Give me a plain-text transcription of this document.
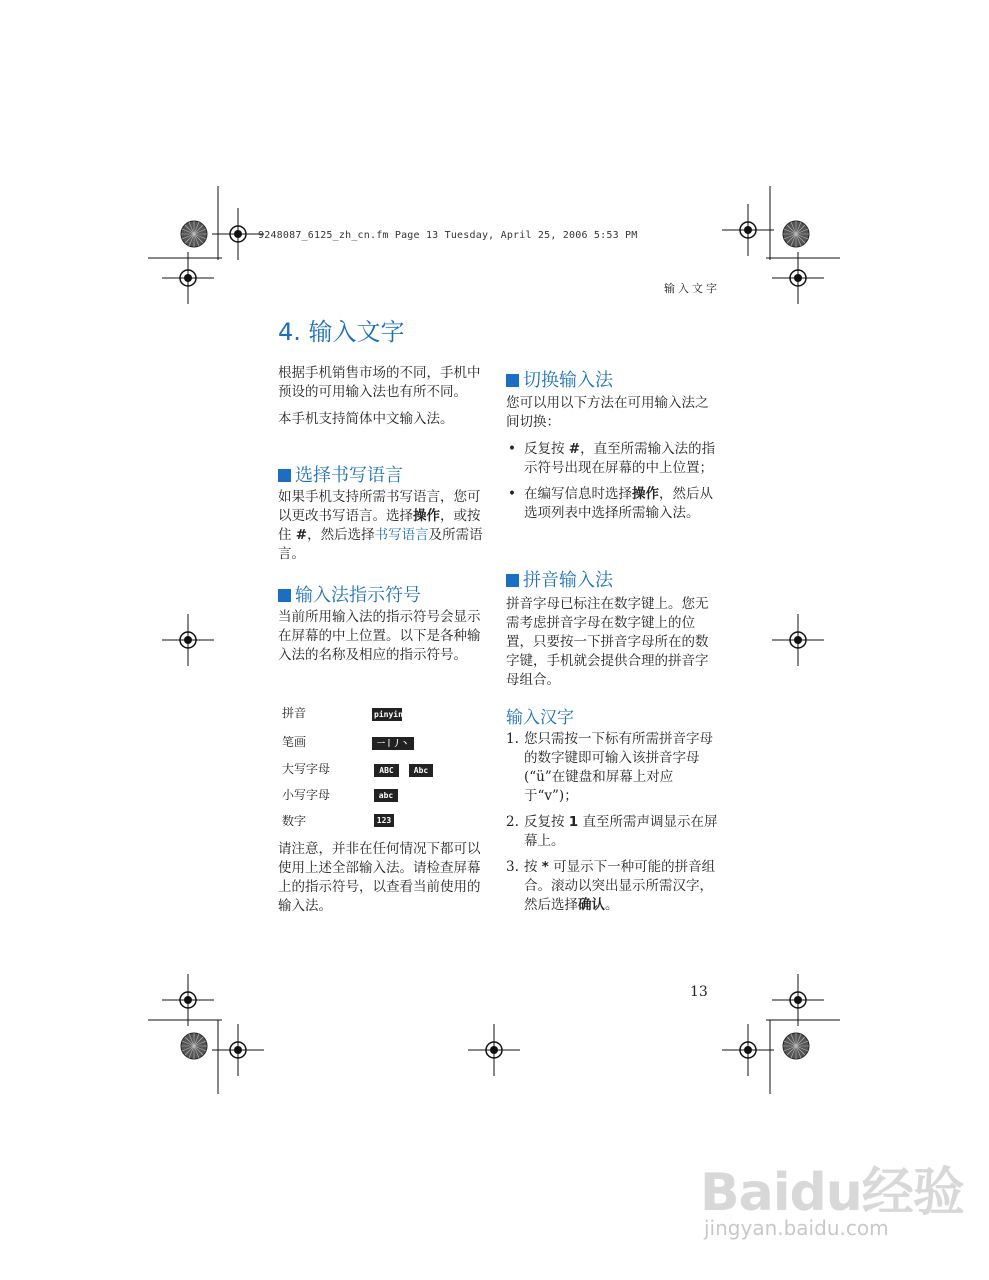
9248087_6125_zh_cn.fm Page 13 Tuesday, April 25, 2006 5:53 PM
输入文字
4. 输入文字

根据手机销售市场的不同，手机中预设的可用输入法也有所不同。

本手机支持简体中文输入法。

选择书写语言

如果手机支持所需书写语言，您可以更改书写语言。选择操作，或按住 #，然后选择书写语言及所需语言。

输入法指示符号

当前所用输入法的指示符号会显示在屏幕的中上位置。以下是各种输入法的名称及相应的指示符号。

拼音	pinyin
笔画	一丨丿丶乛
大写字母	ABC	Abc
小写字母	abc
数字	123

请注意，并非在任何情况下都可以使用上述全部输入法。请检查屏幕上的指示符号，以查看当前使用的输入法。

切换输入法

您可以用以下方法在可用输入法之间切换：

• 反复按 #，直至所需输入法的指示符号出现在屏幕的中上位置；
• 在编写信息时选择操作，然后从选项列表中选择所需输入法。
拼音输入法

拼音字母已标注在数字键上。您无需考虑拼音字母在数字键上的位置，只要按一下拼音字母所在的数字键，手机就会提供合理的拼音字母组合。

输入汉字
1. 您只需按一下标有所需拼音字母的数字键即可输入该拼音字母 (“ü”在键盘和屏幕上对应于“v”)；
2. 反复按 1 直至所需声调显示在屏幕上。
3. 按 * 可显示下一种可能的拼音组合。滚动以突出显示所需汉字，然后选择确认。
13
Baidu经验
jingyan.baidu.com
